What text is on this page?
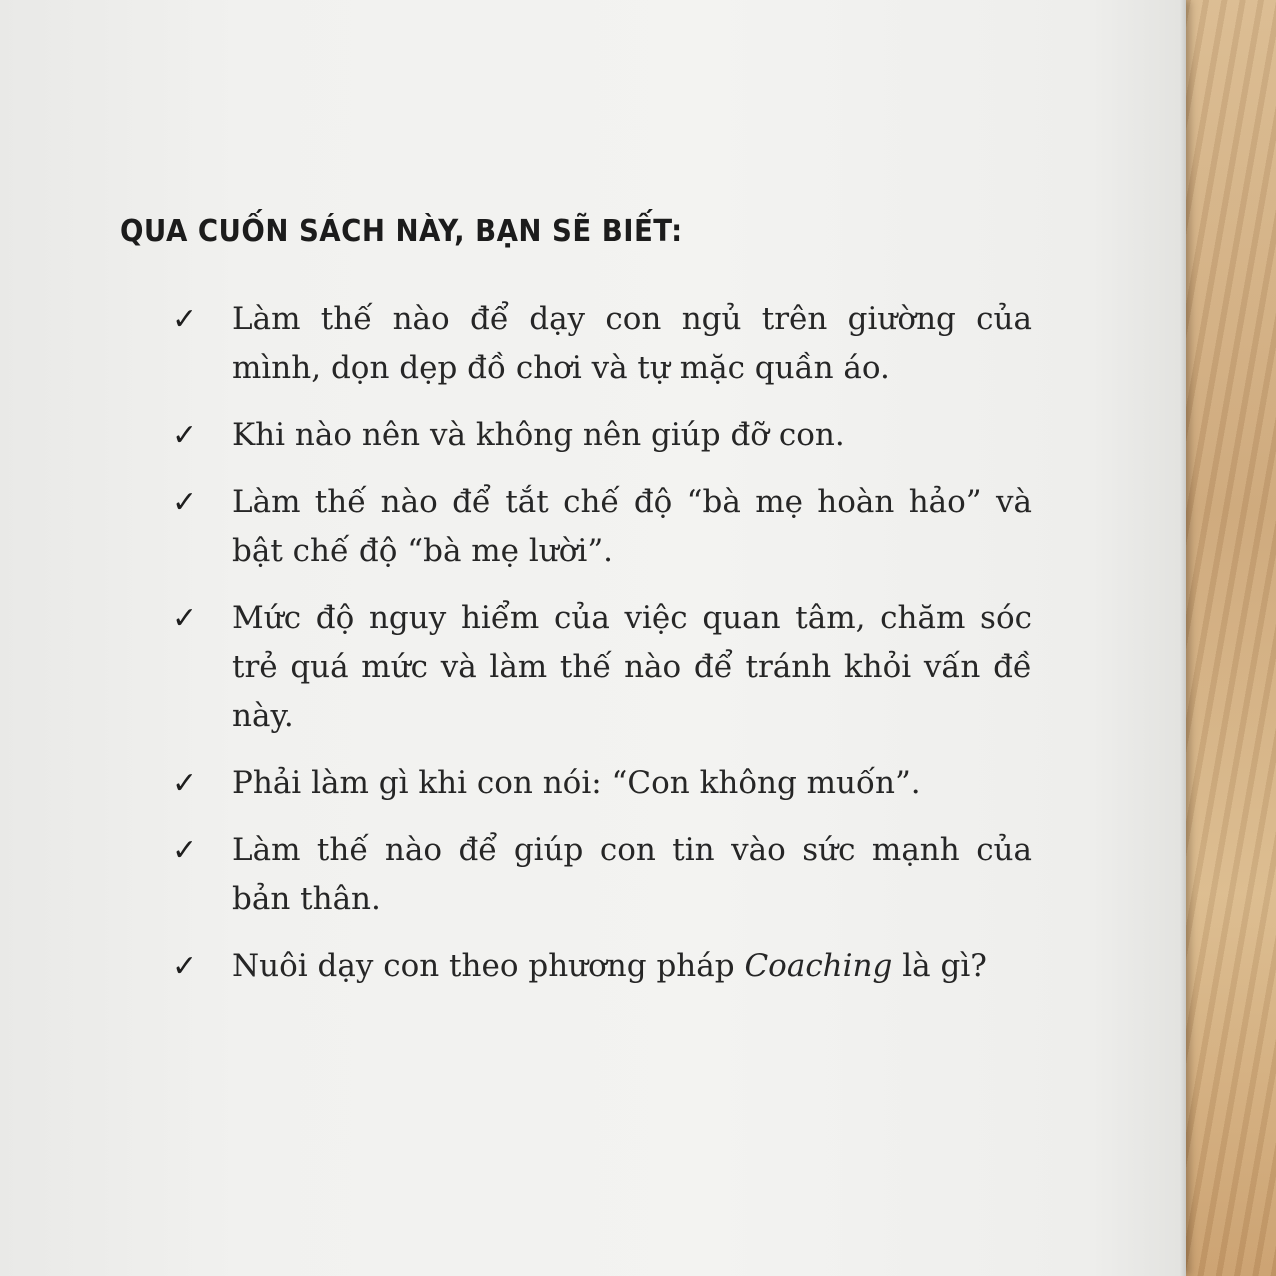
QUA CUỐN SÁCH NÀY, BẠN SẼ BIẾT:
✓ Làm thế nào để dạy con ngủ trên giường của mình, dọn dẹp đồ chơi và tự mặc quần áo.
✓ Khi nào nên và không nên giúp đỡ con.
✓ Làm thế nào để tắt chế độ “bà mẹ hoàn hảo” và bật chế độ “bà mẹ lười”.
✓ Mức độ nguy hiểm của việc quan tâm, chăm sóc trẻ quá mức và làm thế nào để tránh khỏi vấn đề này.
✓ Phải làm gì khi con nói: “Con không muốn”.
✓ Làm thế nào để giúp con tin vào sức mạnh của bản thân.
✓ Nuôi dạy con theo phương pháp Coaching là gì?
